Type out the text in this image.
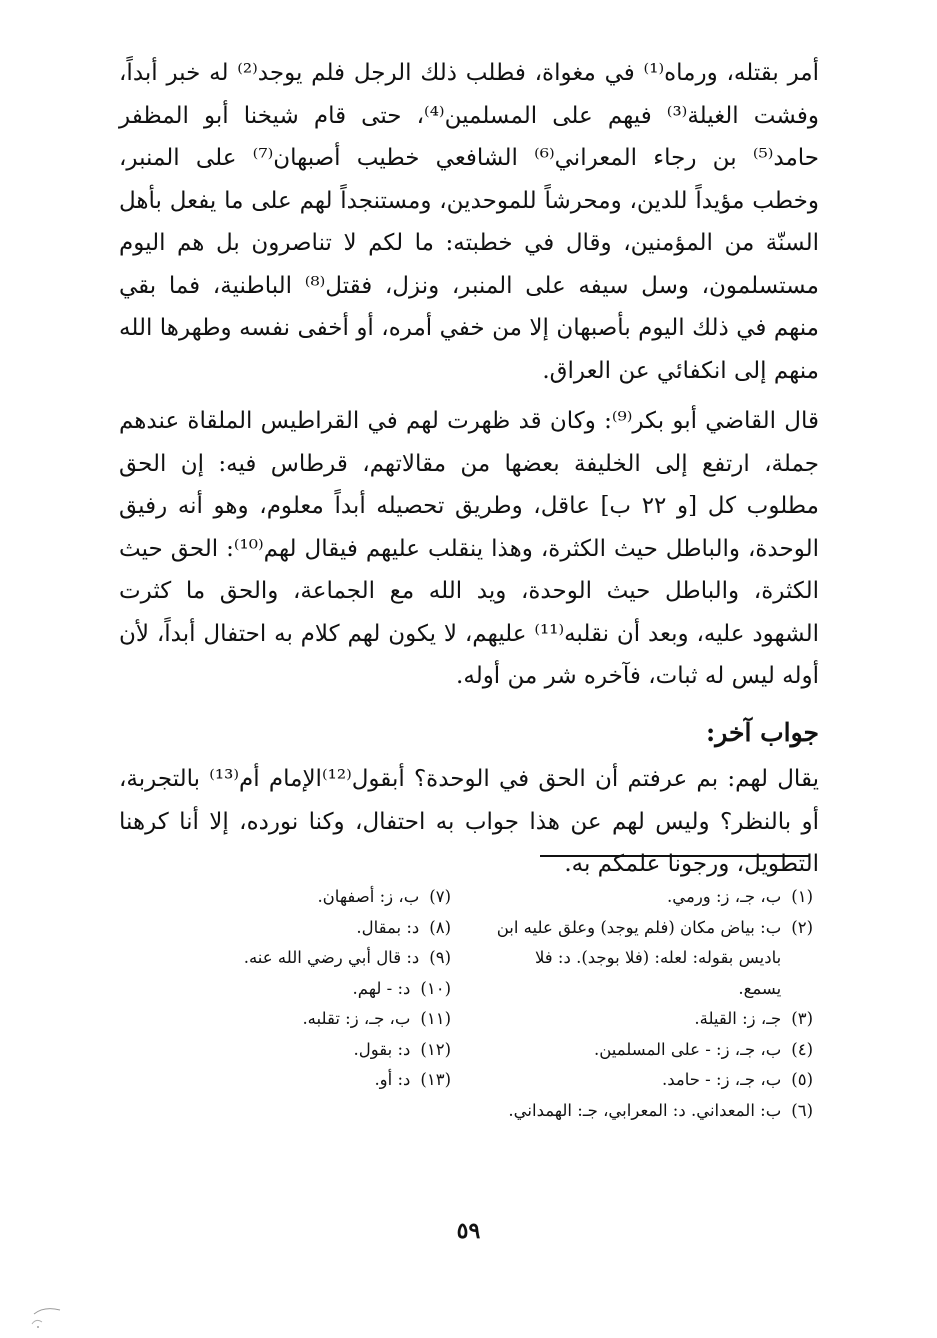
أمر بقتله، ورماه⁽¹⁾ في مغواة، فطلب ذلك الرجل فلم يوجد⁽²⁾ له خبر أبداً، وفشت الغيلة⁽³⁾ فيهم على المسلمين⁽⁴⁾، حتى قام شيخنا أبو المظفر حامد⁽⁵⁾ بن رجاء المعراني⁽⁶⁾ الشافعي خطيب أصبهان⁽⁷⁾ على المنبر، وخطب مؤيداً للدين، ومحرشاً للموحدين، ومستنجداً لهم على ما يفعل بأهل السنّة من المؤمنين، وقال في خطبته: ما لكم لا تناصرون بل هم اليوم مستسلمون، وسل سيفه على المنبر، ونزل، فقتل⁽⁸⁾ الباطنية، فما بقي منهم في ذلك اليوم بأصبهان إلا من خفي أمره، أو أخفى نفسه وطهرها الله منهم إلى انكفائي عن العراق.

قال القاضي أبو بكر⁽⁹⁾: وكان قد ظهرت لهم في القراطيس الملقاة عندهم جملة، ارتفع إلى الخليفة بعضها من مقالاتهم، قرطاس فيه: إن الحق مطلوب كل [و ٢٢ ب] عاقل، وطريق تحصيله أبداً معلوم، وهو أنه رفيق الوحدة، والباطل حيث الكثرة، وهذا ينقلب عليهم فيقال لهم⁽¹⁰⁾: الحق حيث الكثرة، والباطل حيث الوحدة، ويد الله مع الجماعة، والحق ما كثرت الشهود عليه، وبعد أن نقلبه⁽¹¹⁾ عليهم، لا يكون لهم كلام به احتفال أبداً، لأن أوله ليس له ثبات، فآخره شر من أوله.

جواب آخر:

يقال لهم: بم عرفتم أن الحق في الوحدة؟ أبقول⁽¹²⁾الإمام أم⁽¹³⁾ بالتجربة، أو بالنظر؟ وليس لهم عن هذا جواب به احتفال، وكنا نورده، إلا أنا كرهنا التطويل، ورجونا علمكم به.

( ١ )
ب، جـ، ز: ورمي.
( ٢ )
ب: بياض مكان (فلم يوجد) وعلق عليه ابن باديس بقوله: لعله: (فلا بوجد). د: فلا يسمع.
( ٣ )
جـ، ز: القيلة.
( ٤ )
ب، جـ، ز: - على المسلمين.
( ٥ )
ب، جـ، ز: - حامد.
( ٦ )
ب: المعداني. د: المعرابي، جـ: الهمداني.
( ٧ )
ب، ز: أصفهان.
( ٨ )
د: بمقال.
( ٩ )
د: قال أبي رضي الله عنه.
( ١٠ )
د: - لهم.
( ١١ )
ب، جـ، ز: تقلبه.
( ١٢ )
د: بقول.
( ١٣ )
د: أو.
٥٩
